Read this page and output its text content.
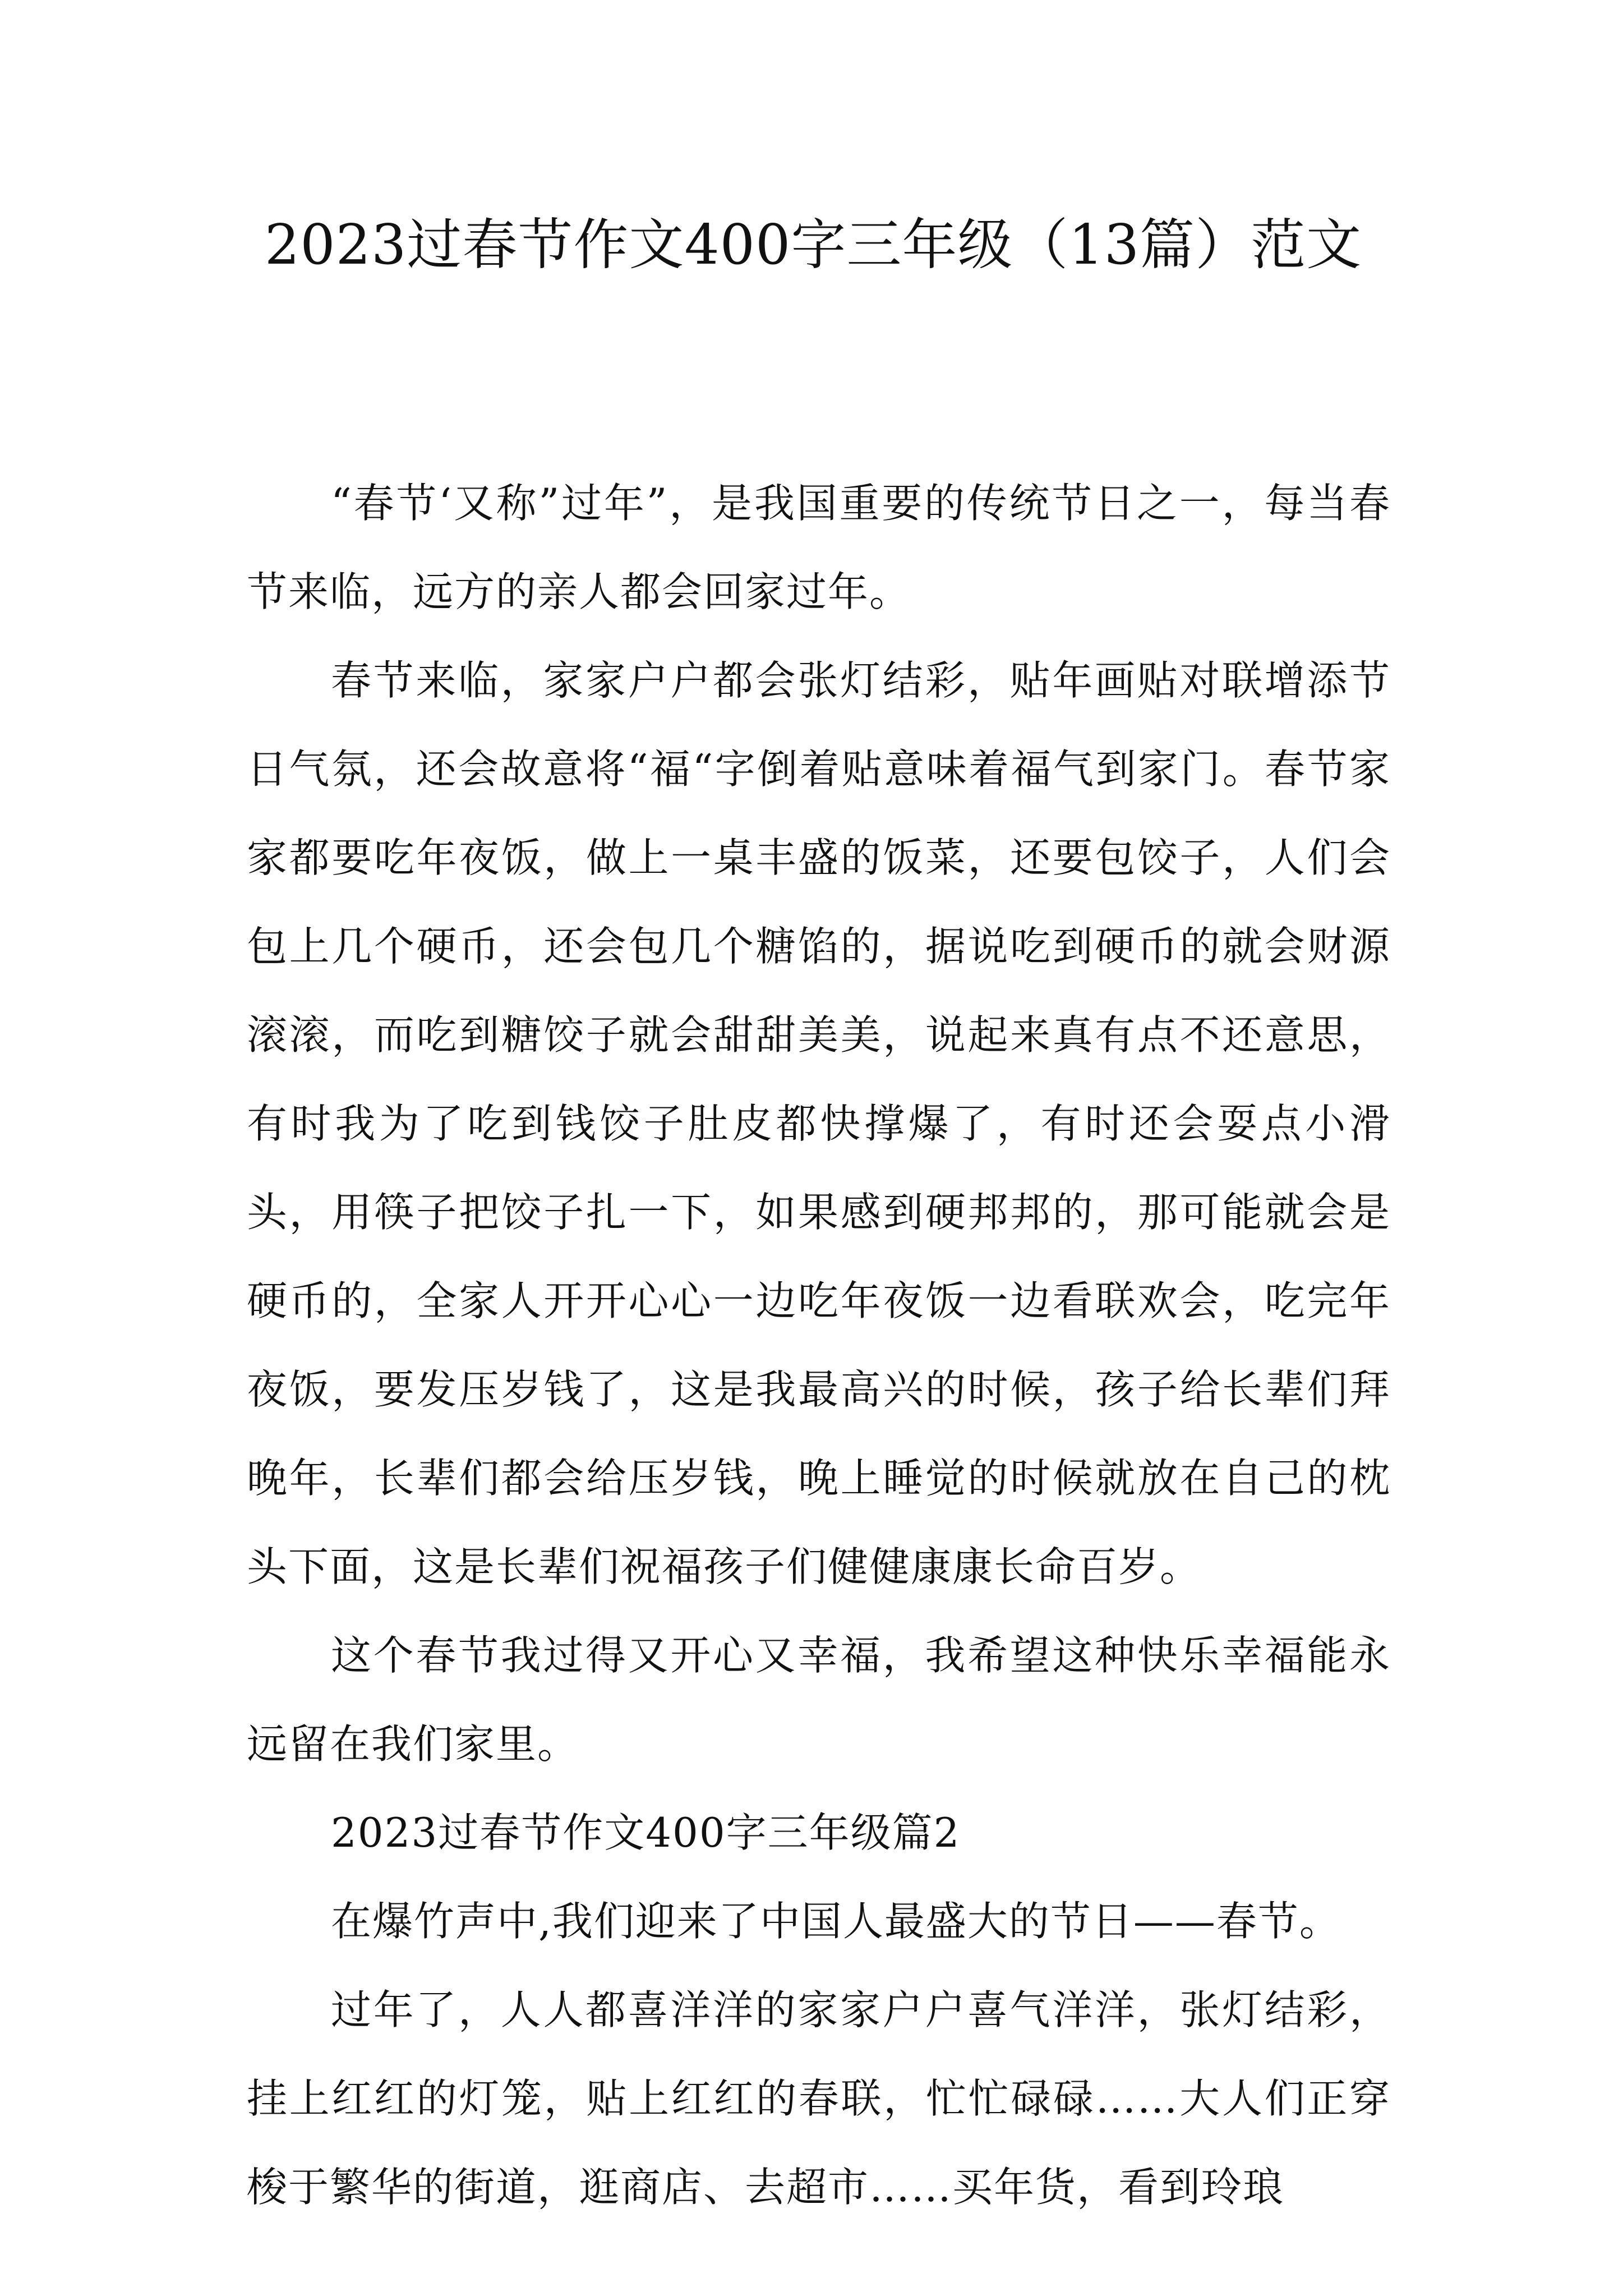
2023过春节作文400字三年级（13篇）范文

“春节‘又称”过年”，是我国重要的传统节日之一，每当春节来临，远方的亲人都会回家过年。

春节来临，家家户户都会张灯结彩，贴年画贴对联增添节日气氛，还会故意将“福“字倒着贴意味着福气到家门。春节家家都要吃年夜饭，做上一桌丰盛的饭菜，还要包饺子，人们会包上几个硬币，还会包几个糖馅的，据说吃到硬币的就会财源滚滚，而吃到糖饺子就会甜甜美美，说起来真有点不还意思，有时我为了吃到钱饺子肚皮都快撑爆了，有时还会耍点小滑头，用筷子把饺子扎一下，如果感到硬邦邦的，那可能就会是硬币的，全家人开开心心一边吃年夜饭一边看联欢会，吃完年夜饭，要发压岁钱了，这是我最高兴的时候，孩子给长辈们拜晚年，长辈们都会给压岁钱，晚上睡觉的时候就放在自己的枕头下面，这是长辈们祝福孩子们健健康康长命百岁。

这个春节我过得又开心又幸福，我希望这种快乐幸福能永远留在我们家里。

2023过春节作文400字三年级篇2

在爆竹声中,我们迎来了中国人最盛大的节日——春节。

过年了，人人都喜洋洋的家家户户喜气洋洋，张灯结彩，挂上红红的灯笼，贴上红红的春联，忙忙碌碌……大人们正穿梭于繁华的街道，逛商店、去超市……买年货，看到玲琅
